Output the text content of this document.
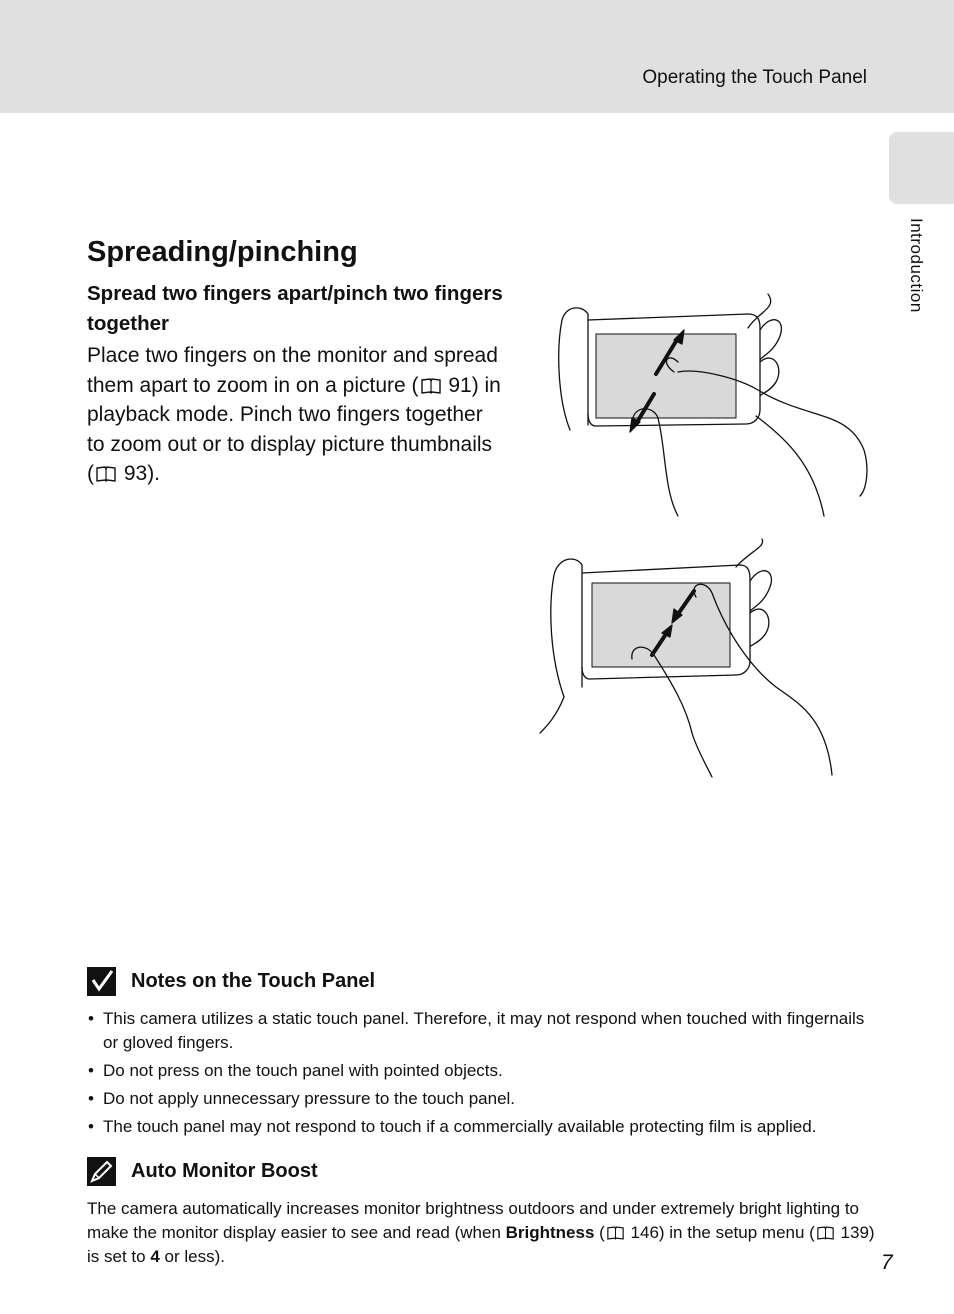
Operating the Touch Panel
Introduction
Spreading/pinching
Spread two fingers apart/pinch two fingers together

Place two fingers on the monitor and spread them apart to zoom in on a picture ( 91) in playback mode. Pinch two fingers together to zoom out or to display picture thumbnails ( 93).

Notes on the Touch Panel
• This camera utilizes a static touch panel. Therefore, it may not respond when touched with fingernails or gloved fingers.
• Do not press on the touch panel with pointed objects.
• Do not apply unnecessary pressure to the touch panel.
• The touch panel may not respond to touch if a commercially available protecting film is applied.
Auto Monitor Boost

The camera automatically increases monitor brightness outdoors and under extremely bright lighting to make the monitor display easier to see and read (when Brightness ( 146) in the setup menu ( 139) is set to 4 or less).	7
